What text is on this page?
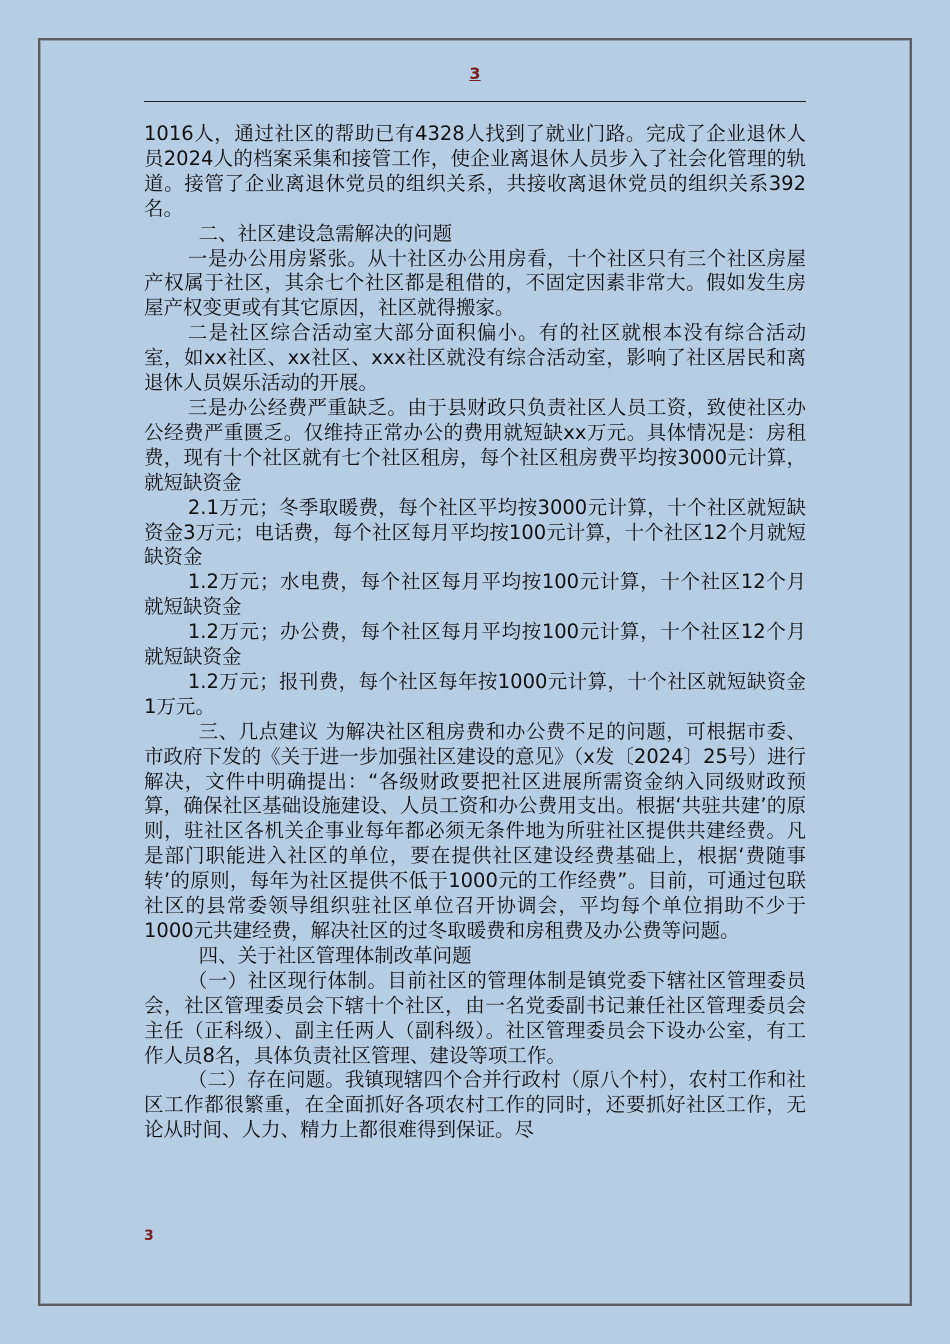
3

1016人，通过社区的帮助已有4328人找到了就业门路。完成了企业退休人员2024人的档案采集和接管工作，使企业离退休人员步入了社会化管理的轨道。接管了企业离退休党员的组织关系，共接收离退休党员的组织关系392名。

二、社区建设急需解决的问题

一是办公用房紧张。从十社区办公用房看，十个社区只有三个社区房屋产权属于社区，其余七个社区都是租借的，不固定因素非常大。假如发生房屋产权变更或有其它原因，社区就得搬家。

二是社区综合活动室大部分面积偏小。有的社区就根本没有综合活动室，如xx社区、xx社区、xxx社区就没有综合活动室，影响了社区居民和离退休人员娱乐活动的开展。

三是办公经费严重缺乏。由于县财政只负责社区人员工资，致使社区办公经费严重匮乏。仅维持正常办公的费用就短缺xx万元。具体情况是：房租费，现有十个社区就有七个社区租房，每个社区租房费平均按3000元计算，就短缺资金

2.1万元；冬季取暖费，每个社区平均按3000元计算，十个社区就短缺资金3万元；电话费，每个社区每月平均按100元计算，十个社区12个月就短缺资金

1.2万元；水电费，每个社区每月平均按100元计算，十个社区12个月就短缺资金

1.2万元；办公费，每个社区每月平均按100元计算，十个社区12个月就短缺资金

1.2万元；报刊费，每个社区每年按1000元计算，十个社区就短缺资金1万元。

三、几点建议 为解决社区租房费和办公费不足的问题，可根据市委、市政府下发的《关于进一步加强社区建设的意见》（x发〔2024〕25号）进行解决，文件中明确提出：“各级财政要把社区进展所需资金纳入同级财政预算，确保社区基础设施建设、人员工资和办公费用支出。根据‘共驻共建’的原则，驻社区各机关企事业每年都必须无条件地为所驻社区提供共建经费。凡是部门职能进入社区的单位，要在提供社区建设经费基础上，根据‘费随事转’的原则，每年为社区提供不低于1000元的工作经费”。目前，可通过包联社区的县常委领导组织驻社区单位召开协调会，平均每个单位捐助不少于1000元共建经费，解决社区的过冬取暖费和房租费及办公费等问题。

四、关于社区管理体制改革问题

（一）社区现行体制。目前社区的管理体制是镇党委下辖社区管理委员会，社区管理委员会下辖十个社区，由一名党委副书记兼任社区管理委员会主任（正科级）、副主任两人（副科级）。社区管理委员会下设办公室，有工作人员8名，具体负责社区管理、建设等项工作。

（二）存在问题。我镇现辖四个合并行政村（原八个村），农村工作和社区工作都很繁重，在全面抓好各项农村工作的同时，还要抓好社区工作，无论从时间、人力、精力上都很难得到保证。尽

3
